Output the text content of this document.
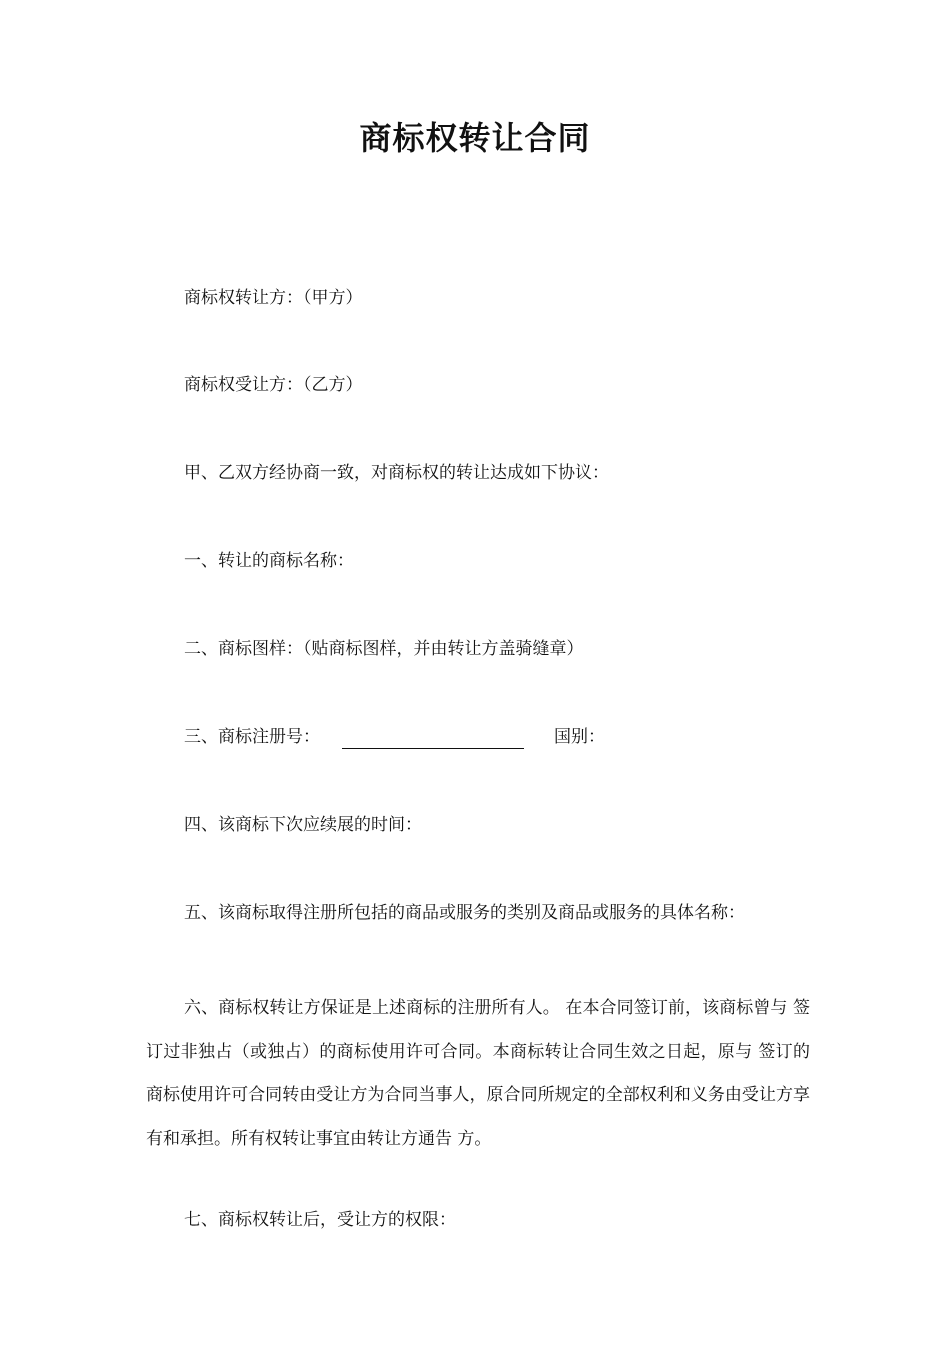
商标权转让合同
商标权转让方：（甲方）
商标权受让方：（乙方）
甲、乙双方经协商一致，对商标权的转让达成如下协议：
一、转让的商标名称：
二、商标图样：（贴商标图样，并由转让方盖骑缝章）
三、商标注册号：	国别：
四、该商标下次应续展的时间：
五、该商标取得注册所包括的商品或服务的类别及商品或服务的具体名称：
六、商标权转让方保证是上述商标的注册所有人。 在本合同签订前，该商标曾与 签订过非独占（或独占）的商标使用许可合同。本商标转让合同生效之日起，原与 签订的商标使用许可合同转由受让方为合同当事人，原合同所规定的全部权利和义务由受让方享有和承担。所有权转让事宜由转让方通告 方。
七、商标权转让后，受让方的权限：
